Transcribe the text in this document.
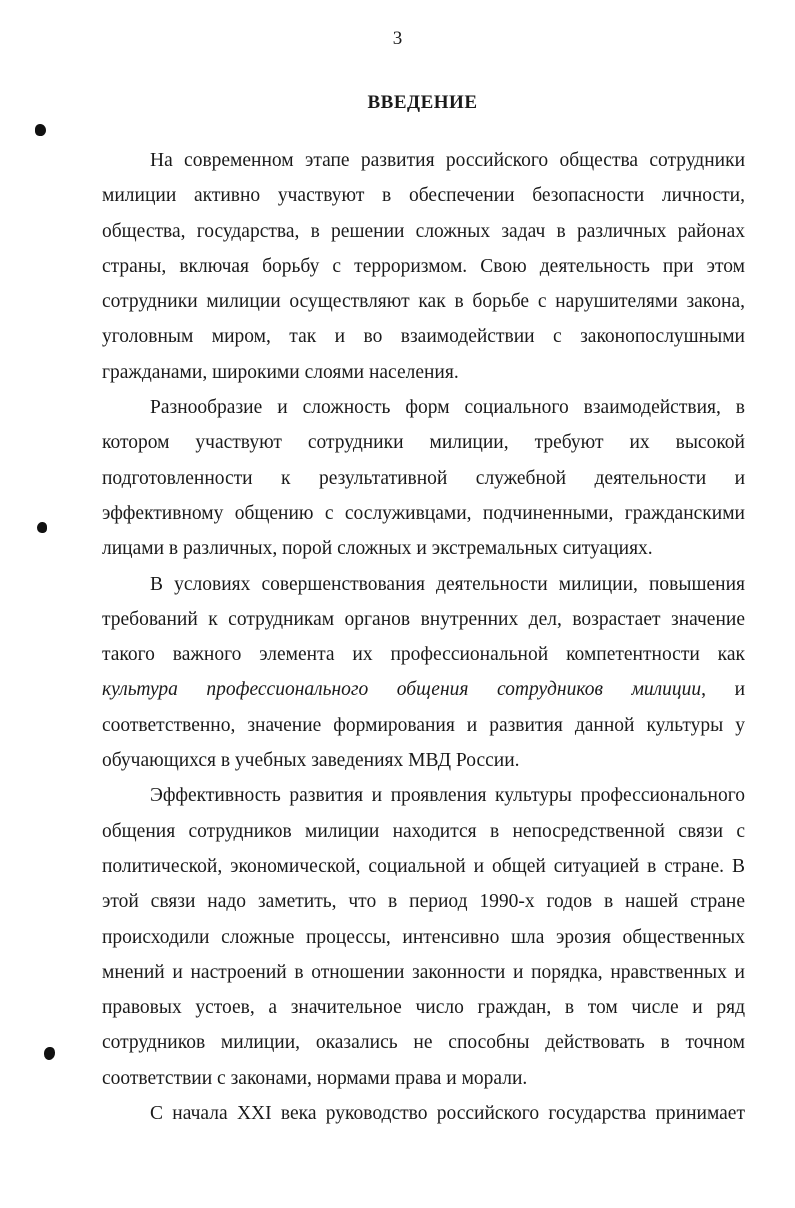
3
ВВЕДЕНИЕ

На современном этапе развития российского общества сотрудники милиции активно участвуют в обеспечении безопасности личности, общества, государства, в решении сложных задач в различных районах страны, включая борьбу с терроризмом. Свою деятельность при этом сотрудники милиции осуществляют как в борьбе с нарушителями закона, уголовным миром, так и во взаимодействии с законопослушными гражданами, широкими слоями населения.

Разнообразие и сложность форм социального взаимодействия, в котором участвуют сотрудники милиции, требуют их высокой подготовленности к результативной служебной деятельности и эффективному общению с сослуживцами, подчиненными, гражданскими лицами в различных, порой сложных и экстремальных ситуациях.

В условиях совершенствования деятельности милиции, повышения требований к сотрудникам органов внутренних дел, возрастает значение такого важного элемента их профессиональной компетентности как культура профессионального общения сотрудников милиции, и соответственно, значение формирования и развития данной культуры у обучающихся в учебных заведениях МВД России.

Эффективность развития и проявления культуры профессионального общения сотрудников милиции находится в непосредственной связи с политической, экономической, социальной и общей ситуацией в стране. В этой связи надо заметить, что в период 1990-х годов в нашей стране происходили сложные процессы, интенсивно шла эрозия общественных мнений и настроений в отношении законности и порядка, нравственных и правовых устоев, а значительное число граждан, в том числе и ряд сотрудников милиции, оказались не способны действовать в точном соответствии с законами, нормами права и морали.

С начала XXI века руководство российского государства принимает
